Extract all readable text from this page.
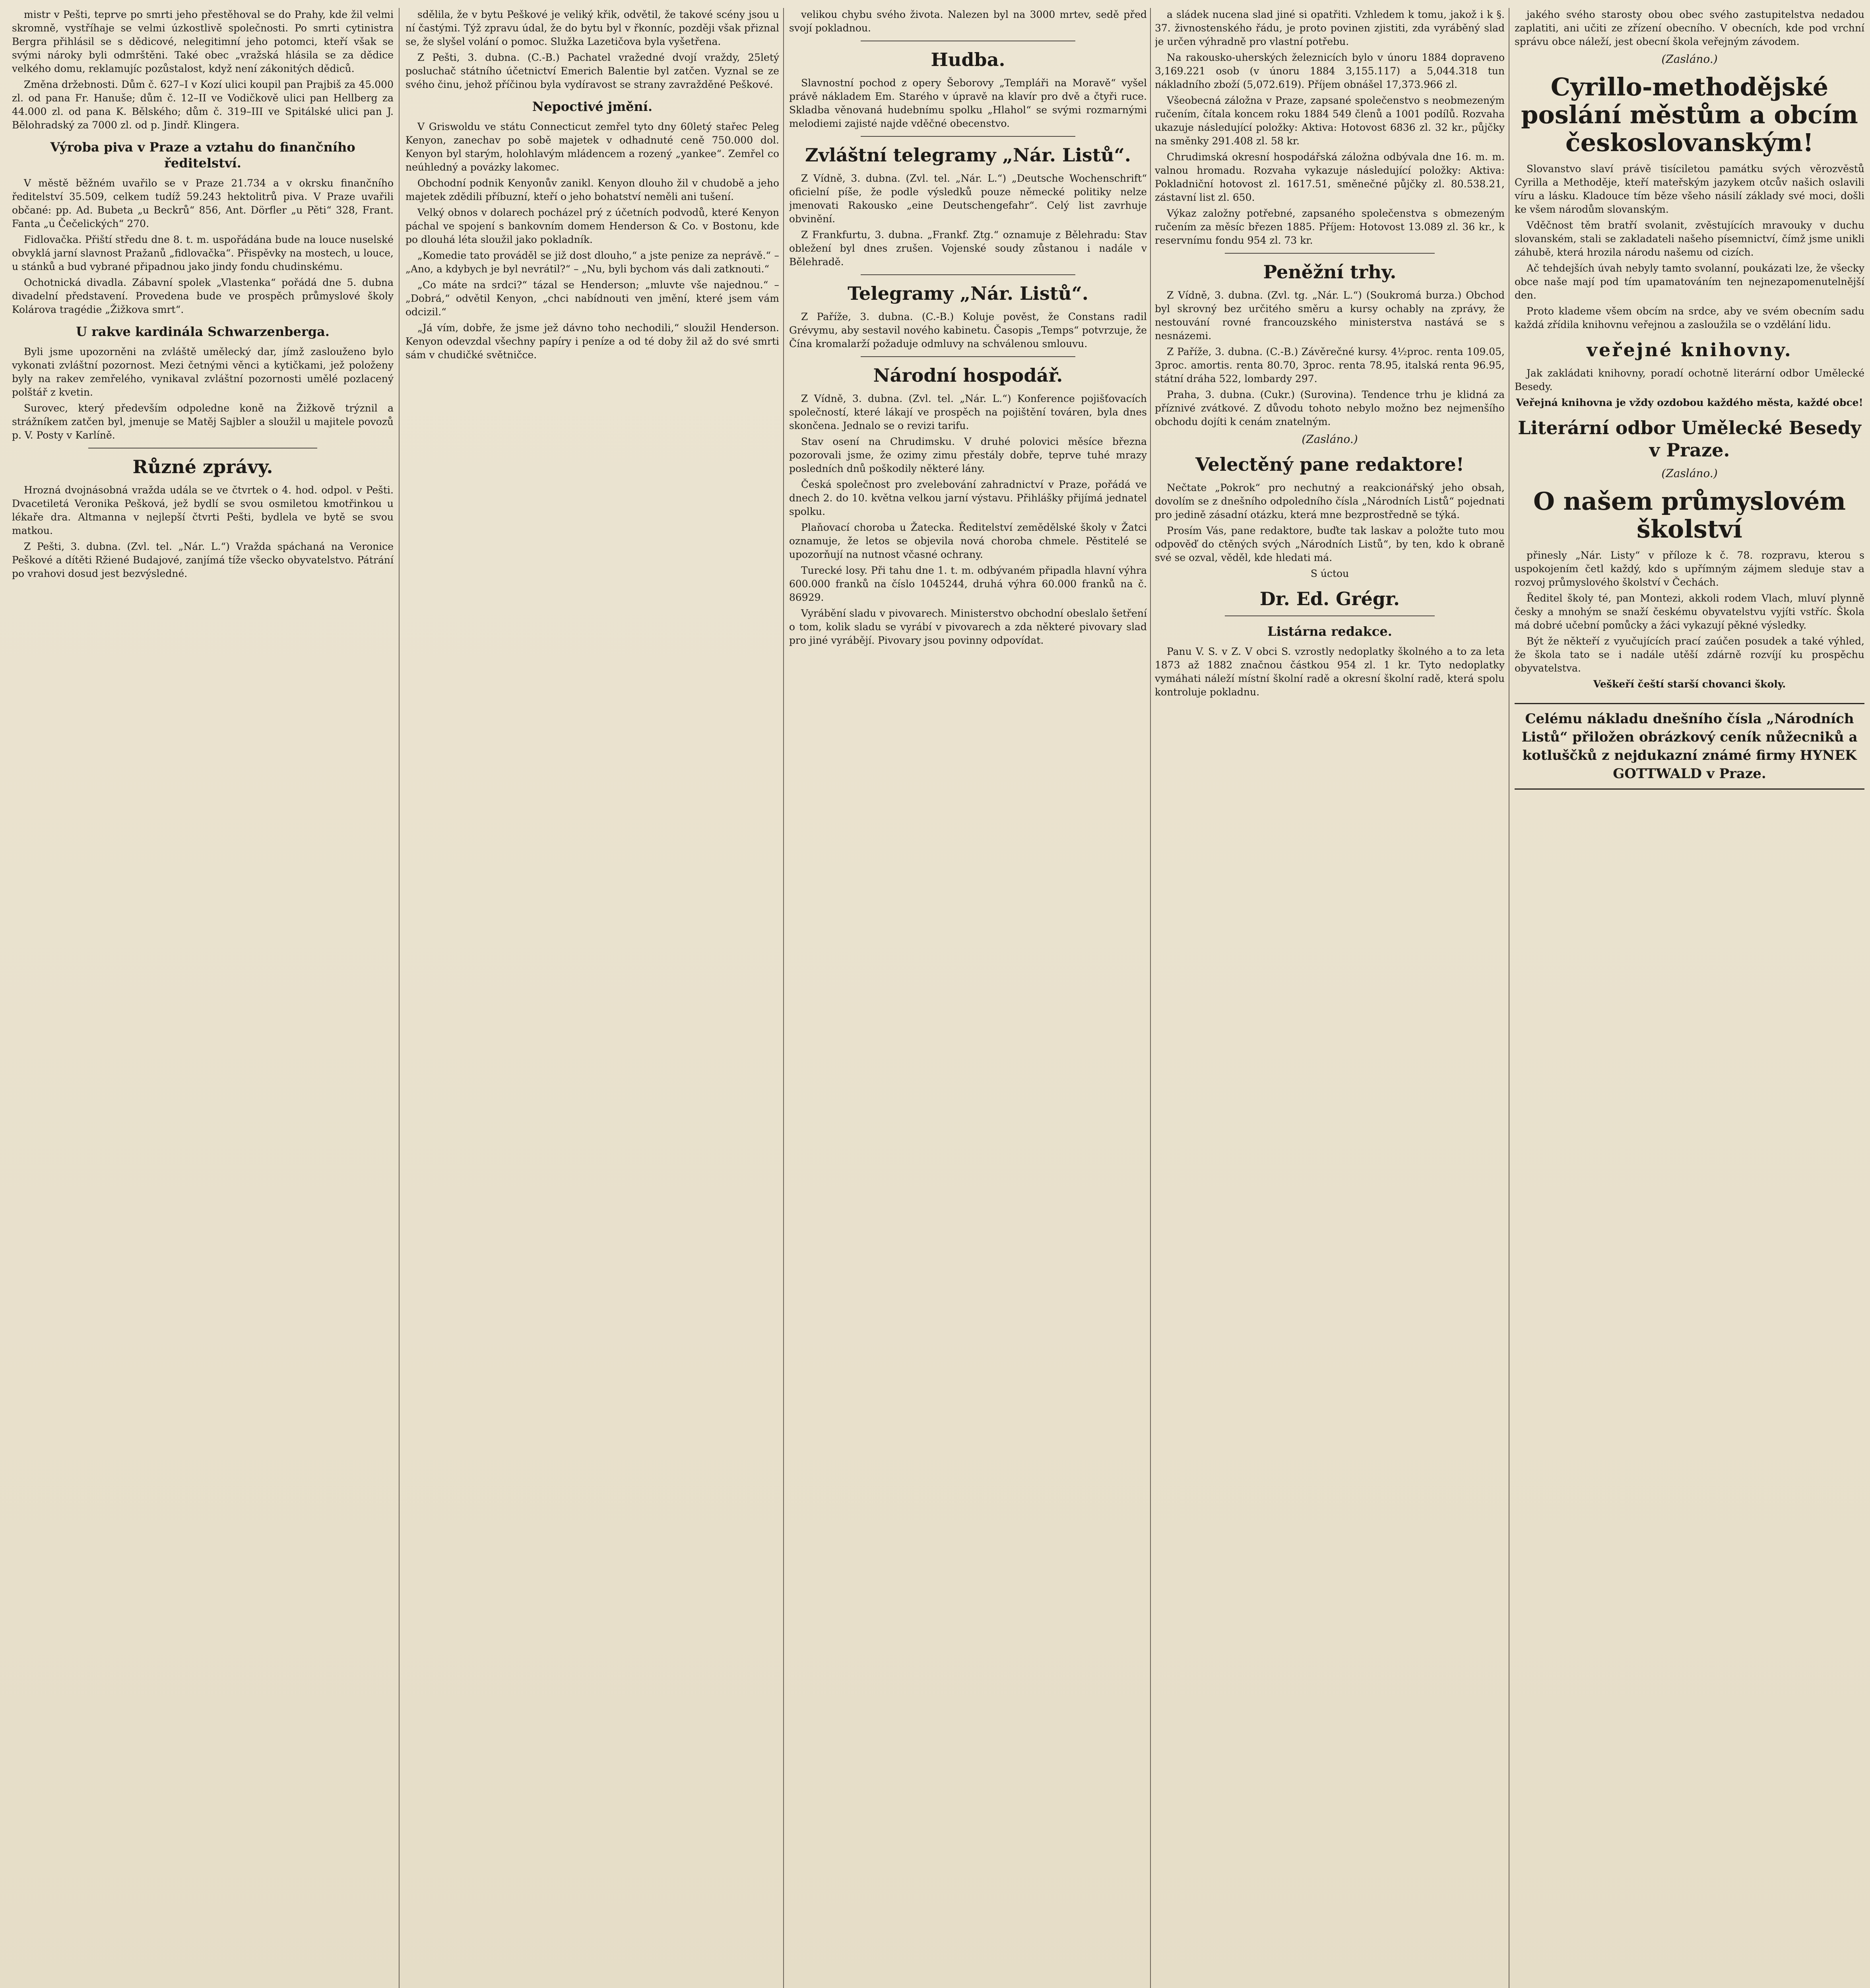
mistr v Pešti, teprve po smrti jeho přestěhoval se do Prahy, kde žil velmi skromně, vystříhaje se velmi úzkostlivě společnosti. Po smrti cytinistra Bergra přihlásil se s dědicové, nelegitimní jeho potomci, kteří však se svými nároky byli odmrštěni. Také obec „vražská hlásila se za dědice velkého domu, reklamujíc pozůstalost, když není zákonitých dědiců.

Změna držebnosti. Dům č. 627–I v Kozí ulici koupil pan Prajbiš za 45.000 zl. od pana Fr. Hanuše; dům č. 12–II ve Vodičkově ulici pan Hellberg za 44.000 zl. od pana K. Bělského; dům č. 319–III ve Spitálské ulici pan J. Bělohradský za 7000 zl. od p. Jindř. Klingera.

Výroba piva v Praze a vztahu do finančního ředitelství.

V městě běžném uvařilo se v Praze 21.734 a v okrsku finančního ředitelství 35.509, celkem tudíž 59.243 hektolitrů piva. V Praze uvařili občané: pp. Ad. Bubeta „u Beckrů“ 856, Ant. Dörfler „u Pěti“ 328, Frant. Fanta „u Čečelických“ 270.

Fidlovačka. Přiští středu dne 8. t. m. uspořádána bude na louce nuselské obvyklá jarní slavnost Pražanů „fidlovačka“. Přispěvky na mostech, u louce, u stánků a bud vybrané připadnou jako jindy fondu chudinskému.

Ochotnická divadla. Zábavní spolek „Vlastenka“ pořádá dne 5. dubna divadelní představení. Provedena bude ve prospěch průmyslové školy Kolárova tragédie „Žižkova smrt“.

U rakve kardinála Schwarzenberga.

Byli jsme upozorněni na zvláště umělecký dar, jímž zaslouženo bylo vykonati zvláštní pozornost. Mezi četnými věnci a kytičkami, jež položeny byly na rakev zemřelého, vynikaval zvláštní pozornosti umělé pozlacený polštář z kvetin.

Surovec, který především odpoledne koně na Žižkově trýznil a strážníkem zatčen byl, jmenuje se Matěj Sajbler a sloužil u majitele povozů p. V. Posty v Karlíně.

Různé zprávy.

Hrozná dvojnásobná vražda udála se ve čtvrtek o 4. hod. odpol. v Pešti. Dvacetiletá Veronika Pešková, jež bydlí se svou osmiletou kmotřinkou u lékaře dra. Altmanna v nejlepší čtvrti Pešti, bydlela ve bytě se svou matkou.

Z Pešti, 3. dubna. (Zvl. tel. „Nár. L.“) Vražda spáchaná na Veronice Peškové a dítěti Ržiené Budajové, zanjímá tíže všecko obyvatelstvo. Pátrání po vrahovi dosud jest bezvýsledné.

sdělila, že v bytu Peškové je veliký křik, odvětil, že takové scény jsou u ní častými. Týž zpravu údal, že do bytu byl v řkonníc, později však přiznal se, že slyšel volání o pomoc. Služka Lazetičova byla vyšetřena.

Z Pešti, 3. dubna. (C.-B.) Pachatel vražedné dvojí vraždy, 25letý posluchač státního účetnictví Emerich Balentie byl zatčen. Vyznal se ze svého činu, jehož příčinou byla vydíravost se strany zavražděné Peškové.

Nepoctivé jmění.

V Griswoldu ve státu Connecticut zemřel tyto dny 60letý stařec Peleg Kenyon, zanechav po sobě majetek v odhadnuté ceně 750.000 dol. Kenyon byl starým, holohlavým mládencem a rozený „yankee“. Zemřel co neúhledný a povázky lakomec.

Obchodní podnik Kenyonův zanikl. Kenyon dlouho žil v chudobě a jeho majetek zdědili příbuzní, kteří o jeho bohatství neměli ani tušení.

Velký obnos v dolarech pocházel prý z účetních podvodů, které Kenyon páchal ve spojení s bankovním domem Henderson & Co. v Bostonu, kde po dlouhá léta sloužil jako pokladník.

„Komedie tato prováděl se již dost dlouho,“ a jste penize za neprávě.“ – „Ano, a kdybych je byl nevrátil?“ – „Nu, byli bychom vás dali zatknouti.“

„Co máte na srdci?“ tázal se Henderson; „mluvte vše najednou.“ – „Dobrá,“ odvětil Kenyon, „chci nabídnouti ven jmění, které jsem vám odcizil.“

„Já vím, dobře, že jsme jež dávno toho nechodili,“ sloužil Henderson. Kenyon odevzdal všechny papíry i peníze a od té doby žil až do své smrti sám v chudičké světničce.

velikou chybu svého života. Nalezen byl na 3000 mrtev, sedě před svojí pokladnou.

Hudba.

Slavnostní pochod z opery Šeborovy „Templáři na Moravě“ vyšel právě nákladem Em. Starého v úpravě na klavír pro dvě a čtyři ruce. Skladba věnovaná hudebnímu spolku „Hlahol“ se svými rozmarnými melodiemi zajisté najde vděčné obecenstvo.

Zvláštní telegramy „Nár. Listů“.

Z Vídně, 3. dubna. (Zvl. tel. „Nár. L.“) „Deutsche Wochenschrift“ oficielní píše, že podle výsledků pouze německé politiky nelze jmenovati Rakousko „eine Deutschengefahr“. Celý list zavrhuje obvinění.

Z Frankfurtu, 3. dubna. „Frankf. Ztg.“ oznamuje z Bělehradu: Stav obležení byl dnes zrušen. Vojenské soudy zůstanou i nadále v Bělehradě.

Telegramy „Nár. Listů“.

Z Paříže, 3. dubna. (C.-B.) Koluje pověst, že Constans radil Grévymu, aby sestavil nového kabinetu. Časopis „Temps“ potvrzuje, že Čína kromalarží požaduje odmluvy na schválenou smlouvu.

Národní hospodář.

Z Vídně, 3. dubna. (Zvl. tel. „Nár. L.“) Konference pojišťovacích společností, které lákají ve prospěch na pojištění továren, byla dnes skončena. Jednalo se o revizi tarifu.

Stav osení na Chrudimsku. V druhé polovici měsíce března pozorovali jsme, že ozimy zimu přestály dobře, teprve tuhé mrazy posledních dnů poškodily některé lány.

Česká společnost pro zvelebování zahradnictví v Praze, pořádá ve dnech 2. do 10. května velkou jarní výstavu. Přihlášky přijímá jednatel spolku.

Plaňovací choroba u Žatecka. Ředitelství zemědělské školy v Žatci oznamuje, že letos se objevila nová choroba chmele. Pěstitelé se upozorňují na nutnost včasné ochrany.

Turecké losy. Při tahu dne 1. t. m. odbývaném připadla hlavní výhra 600.000 franků na číslo 1045244, druhá výhra 60.000 franků na č. 86929.

Vyrábění sladu v pivovarech. Ministerstvo obchodní obeslalo šetření o tom, kolik sladu se vyrábí v pivovarech a zda některé pivovary slad pro jiné vyrábějí. Pivovary jsou povinny odpovídat.

a sládek nucena slad jiné si opatřiti. Vzhledem k tomu, jakož i k §. 37. živnostenského řádu, je proto povinen zjistiti, zda vyráběný slad je určen výhradně pro vlastní potřebu.

Na rakousko-uherských železnicích bylo v únoru 1884 dopraveno 3,169.221 osob (v únoru 1884 3,155.117) a 5,044.318 tun nákladního zboží (5,072.619). Příjem obnášel 17,373.966 zl.

Všeobecná záložna v Praze, zapsané společenstvo s neobmezeným ručením, čítala koncem roku 1884 549 členů a 1001 podílů. Rozvaha ukazuje následující položky: Aktiva: Hotovost 6836 zl. 32 kr., půjčky na směnky 291.408 zl. 58 kr.

Chrudimská okresní hospodářská záložna odbývala dne 16. m. m. valnou hromadu. Rozvaha vykazuje následující položky: Aktiva: Pokladniční hotovost zl. 1617.51, směnečné půjčky zl. 80.538.21, zástavní list zl. 650.

Výkaz založny potřebné, zapsaného společenstva s obmezeným ručením za měsíc březen 1885. Příjem: Hotovost 13.089 zl. 36 kr., k reservnímu fondu 954 zl. 73 kr.

Peněžní trhy.

Z Vídně, 3. dubna. (Zvl. tg. „Nár. L.“) (Soukromá burza.) Obchod byl skrovný bez určitého směru a kursy ochably na zprávy, že nestouvání rovné francouzského ministerstva nastává se s nesnázemi.

Z Paříže, 3. dubna. (C.-B.) Závěrečné kursy. 4½proc. renta 109.05, 3proc. amortis. renta 80.70, 3proc. renta 78.95, italská renta 96.95, státní dráha 522, lombardy 297.

Praha, 3. dubna. (Cukr.) (Surovina). Tendence trhu je klidná za příznivé zvátkové. Z důvodu tohoto nebylo možno bez nejmenšího obchodu dojíti k cenám znatelným.

(Zasláno.)

Velectěný pane redaktore!

Nečtate „Pokrok“ pro nechutný a reakcionářský jeho obsah, dovolím se z dnešního odpoledního čísla „Národních Listů“ pojednati pro jedině zásadní otázku, která mne bezprostředně se týká.

Prosím Vás, pane redaktore, buďte tak laskav a položte tuto mou odpověď do ctěných svých „Národních Listů“, by ten, kdo k obraně své se ozval, věděl, kde hledati má.

S úctou

Dr. Ed. Grégr.

Listárna redakce.

Panu V. S. v Z. V obci S. vzrostly nedoplatky školného a to za leta 1873 až 1882 značnou částkou 954 zl. 1 kr. Tyto nedoplatky vymáhati náleží místní školní radě a okresní školní radě, která spolu kontroluje pokladnu.

jakého svého starosty obou obec svého zastupitelstva nedadou zaplatiti, ani učiti ze zřízení obecního. V obecních, kde pod vrchní správu obce náleží, jest obecní škola veřejným závodem.

(Zasláno.)

Cyrillo-methodějské poslání městům a obcím českoslovanským!

Slovanstvo slaví právě tisíciletou památku svých věrozvěstů Cyrilla a Methoděje, kteří mateřským jazykem otcův našich oslavili víru a lásku. Kladouce tím běze všeho násilí základy své moci, došli ke všem národům slovanským.

Vděčnost těm bratří svolanit, zvěstujících mravouky v duchu slovanském, stali se zakladateli našeho písemnictví, čímž jsme unikli záhubě, která hrozila národu našemu od cizích.

Ač tehdejších úvah nebyly tamto svolanní, poukázati lze, že všecky obce naše mají pod tím upamatováním ten nejnezapomenutelnější den.

Proto klademe všem obcím na srdce, aby ve svém obecním sadu každá zřídila knihovnu veřejnou a zasloužila se o vzdělání lidu.

veřejné knihovny.

Jak zakládati knihovny, poradí ochotně literární odbor Umělecké Besedy.

Veřejná knihovna je vždy ozdobou každého města, každé obce!

Literární odbor Umělecké Besedy v Praze.

(Zasláno.)

O našem průmyslovém školství

přinesly „Nár. Listy“ v příloze k č. 78. rozpravu, kterou s uspokojením četl každý, kdo s upřímným zájmem sleduje stav a rozvoj průmyslového školství v Čechách.

Ředitel školy té, pan Montezi, akkoli rodem Vlach, mluví plynně česky a mnohým se snaží českému obyvatelstvu vyjíti vstříc. Škola má dobré učební pomůcky a žáci vykazují pěkné výsledky.

Být že někteří z vyučujících prací zaúčen posudek a také výhled, že škola tato se i nadále utěší zdárně rozvíjí ku prospěchu obyvatelstva.

Veškeří čeští starší chovanci školy.

Celému nákladu dnešního čísla „Národních Listů“ přiložen obrázkový ceník nůžecniků a kotluščků z nejdukazní známé firmy HYNEK GOTTWALD v Praze.
